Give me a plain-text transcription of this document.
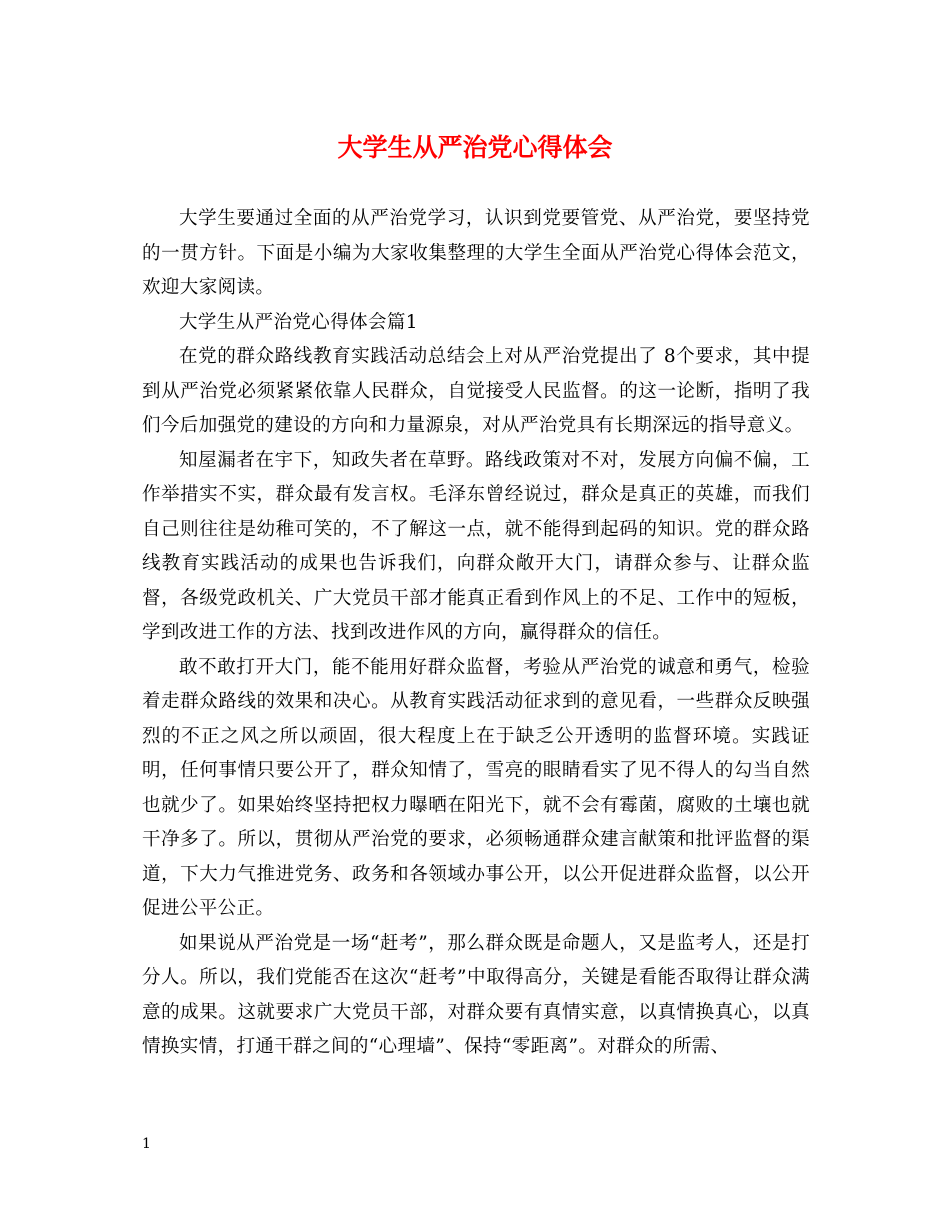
大学生从严治党心得体会

大学生要通过全面的从严治党学习，认识到党要管党、从严治党，要坚持党的一贯方针。下面是小编为大家收集整理的大学生全面从严治党心得体会范文，欢迎大家阅读。

大学生从严治党心得体会篇1

在党的群众路线教育实践活动总结会上对从严治党提出了 8个要求，其中提到从严治党必须紧紧依靠人民群众，自觉接受人民监督。的这一论断，指明了我们今后加强党的建设的方向和力量源泉，对从严治党具有长期深远的指导意义。

知屋漏者在宇下，知政失者在草野。路线政策对不对，发展方向偏不偏，工作举措实不实，群众最有发言权。毛泽东曾经说过，群众是真正的英雄，而我们自己则往往是幼稚可笑的，不了解这一点，就不能得到起码的知识。党的群众路线教育实践活动的成果也告诉我们，向群众敞开大门，请群众参与、让群众监督，各级党政机关、广大党员干部才能真正看到作风上的不足、工作中的短板，学到改进工作的方法、找到改进作风的方向，赢得群众的信任。

敢不敢打开大门，能不能用好群众监督，考验从严治党的诚意和勇气，检验着走群众路线的效果和决心。从教育实践活动征求到的意见看，一些群众反映强烈的不正之风之所以顽固，很大程度上在于缺乏公开透明的监督环境。实践证明，任何事情只要公开了，群众知情了，雪亮的眼睛看实了见不得人的勾当自然也就少了。如果始终坚持把权力曝晒在阳光下，就不会有霉菌，腐败的土壤也就干净多了。所以，贯彻从严治党的要求，必须畅通群众建言献策和批评监督的渠道，下大力气推进党务、政务和各领域办事公开，以公开促进群众监督，以公开促进公平公正。

如果说从严治党是一场“赶考”，那么群众既是命题人，又是监考人，还是打分人。所以，我们党能否在这次“赶考”中取得高分，关键是看能否取得让群众满意的成果。这就要求广大党员干部，对群众要有真情实意，以真情换真心，以真情换实情，打通干群之间的“心理墙”、保持“零距离”。对群众的所需、

1
